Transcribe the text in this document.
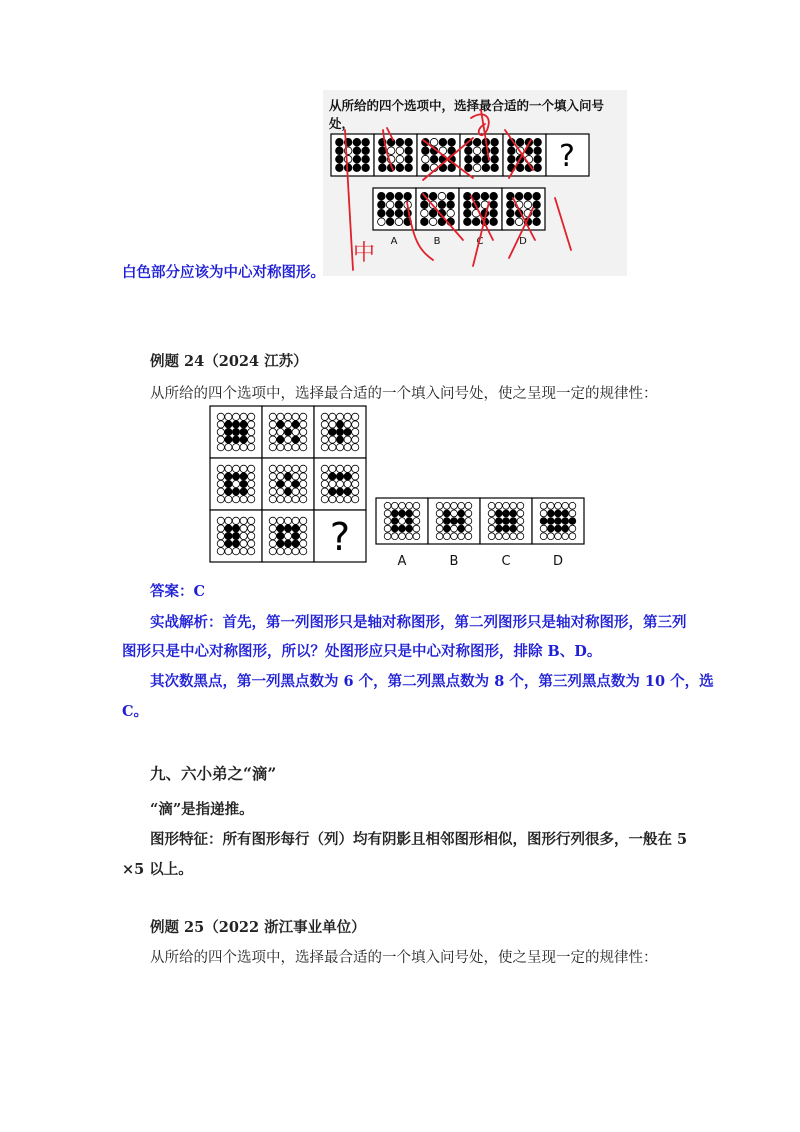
从所给的四个选项中，选择最合适的一个填入问号处，
?
A	B	C	D
中
白色部分应该为中心对称图形。
例题 24（2024 江苏）
从所给的四个选项中，选择最合适的一个填入问号处，使之呈现一定的规律性：
?
A	B	C	D
答案：C
实战解析：首先，第一列图形只是轴对称图形，第二列图形只是轴对称图形，第三列
图形只是中心对称图形，所以？处图形应只是中心对称图形，排除 B、D。
其次数黑点，第一列黑点数为 6 个，第二列黑点数为 8 个，第三列黑点数为 10 个，选
C。
九、六小弟之“滴”
“滴”是指递推。
图形特征：所有图形每行（列）均有阴影且相邻图形相似，图形行列很多，一般在 5
×5 以上。
例题 25（2022 浙江事业单位）
从所给的四个选项中，选择最合适的一个填入问号处，使之呈现一定的规律性：
